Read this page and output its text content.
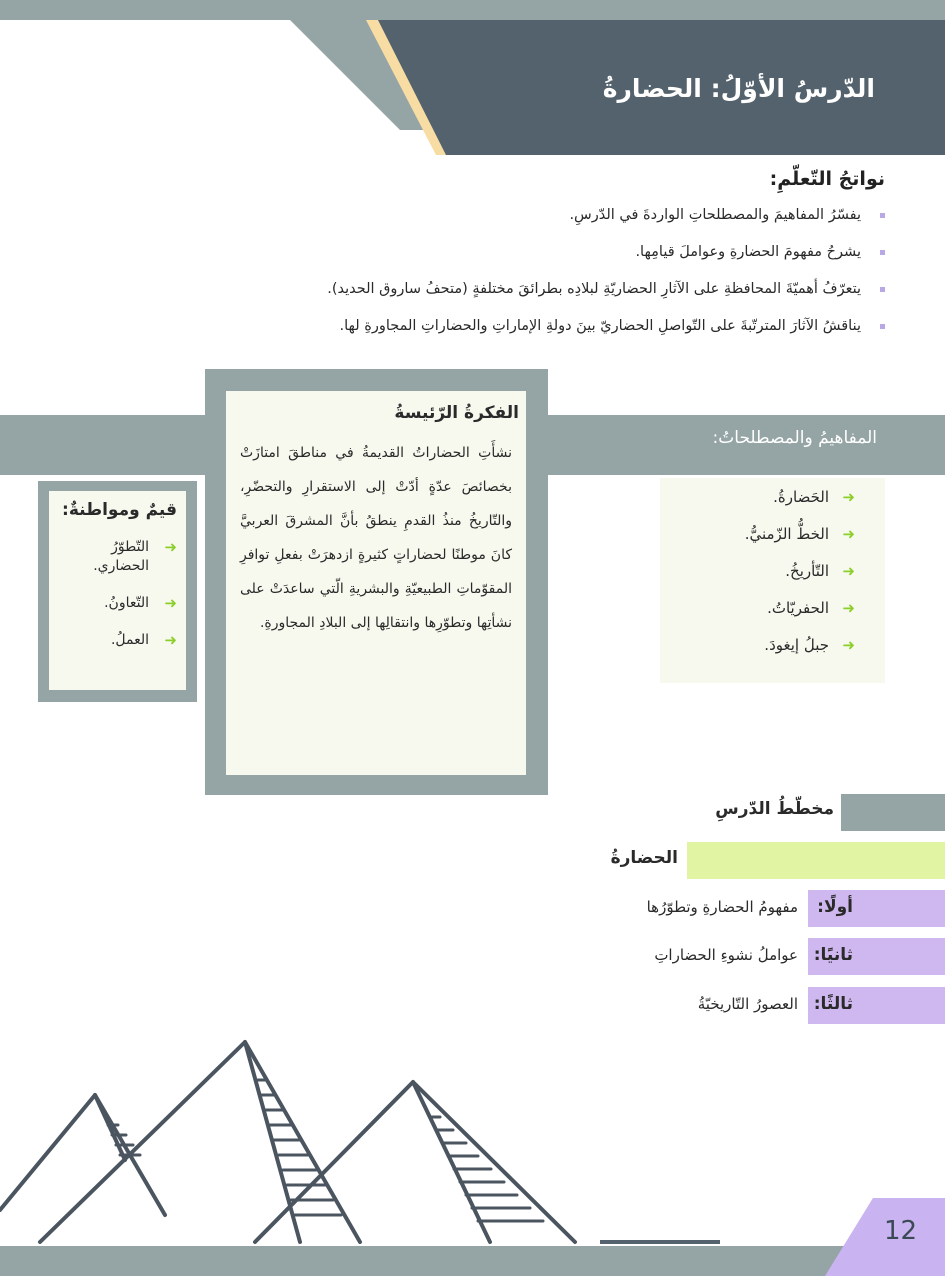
الدّرسُ الأوّلُ: الحضارةُ
نواتجُ التّعلّمِ:
يفسّرُ المفاهيمَ والمصطلحاتِ الواردةَ في الدّرسِ.
يشرحُ مفهومَ الحضارةِ وعواملَ قيامِها.
يتعرّفُ أهميّةَ المحافظةِ على الآثارِ الحضاريّةِ لبلادِه بطرائقَ مختلفةٍ (متحفُ ساروق الحديد).
يناقشُ الآثارَ المترتّبةَ على التّواصلِ الحضاريّ بينَ دولةِ الإماراتِ والحضاراتِ المجاورةِ لها.
المفاهيمُ والمصطلحاتُ:
➜
الحَضارةُ.
➜
الخطُّ الزّمنيُّ.
➜
التّأريخُ.
➜
الحفريّاتُ.
➜
جبلُ إيغودَ.
الفكرةُ الرّئيسةُ
نشأَتِ الحضاراتُ القديمةُ في مناطقَ امتازَتْ بخصائصَ عدّةٍ أدّتْ إلى الاستقرارِ والتحضّرِ، والتّاريخُ منذُ القدمِ ينطقُ بأنَّ المشرقَ العربيَّ كانَ موطنًا لحضاراتٍ كثيرةٍ ازدهرَتْ بفعلِ توافرِ المقوّماتِ الطبيعيّةِ والبشريةِ الّتي ساعدَتْ على نشأتِها وتطوّرِها وانتقالِها إلى البلادِ المجاورةِ.
قيمٌ ومواطنةٌ:
➜
التّطوّرُ الحضاري.
➜
التّعاونُ.
➜
العملُ.
مخطّطُ الدّرسِ
الحضارةُ
أولًا:
مفهومُ الحضارةِ وتطوّرُها
ثانيًا:
عواملُ نشوءِ الحضاراتِ
ثالثًا:
العصورُ التّاريخيّةُ
12
